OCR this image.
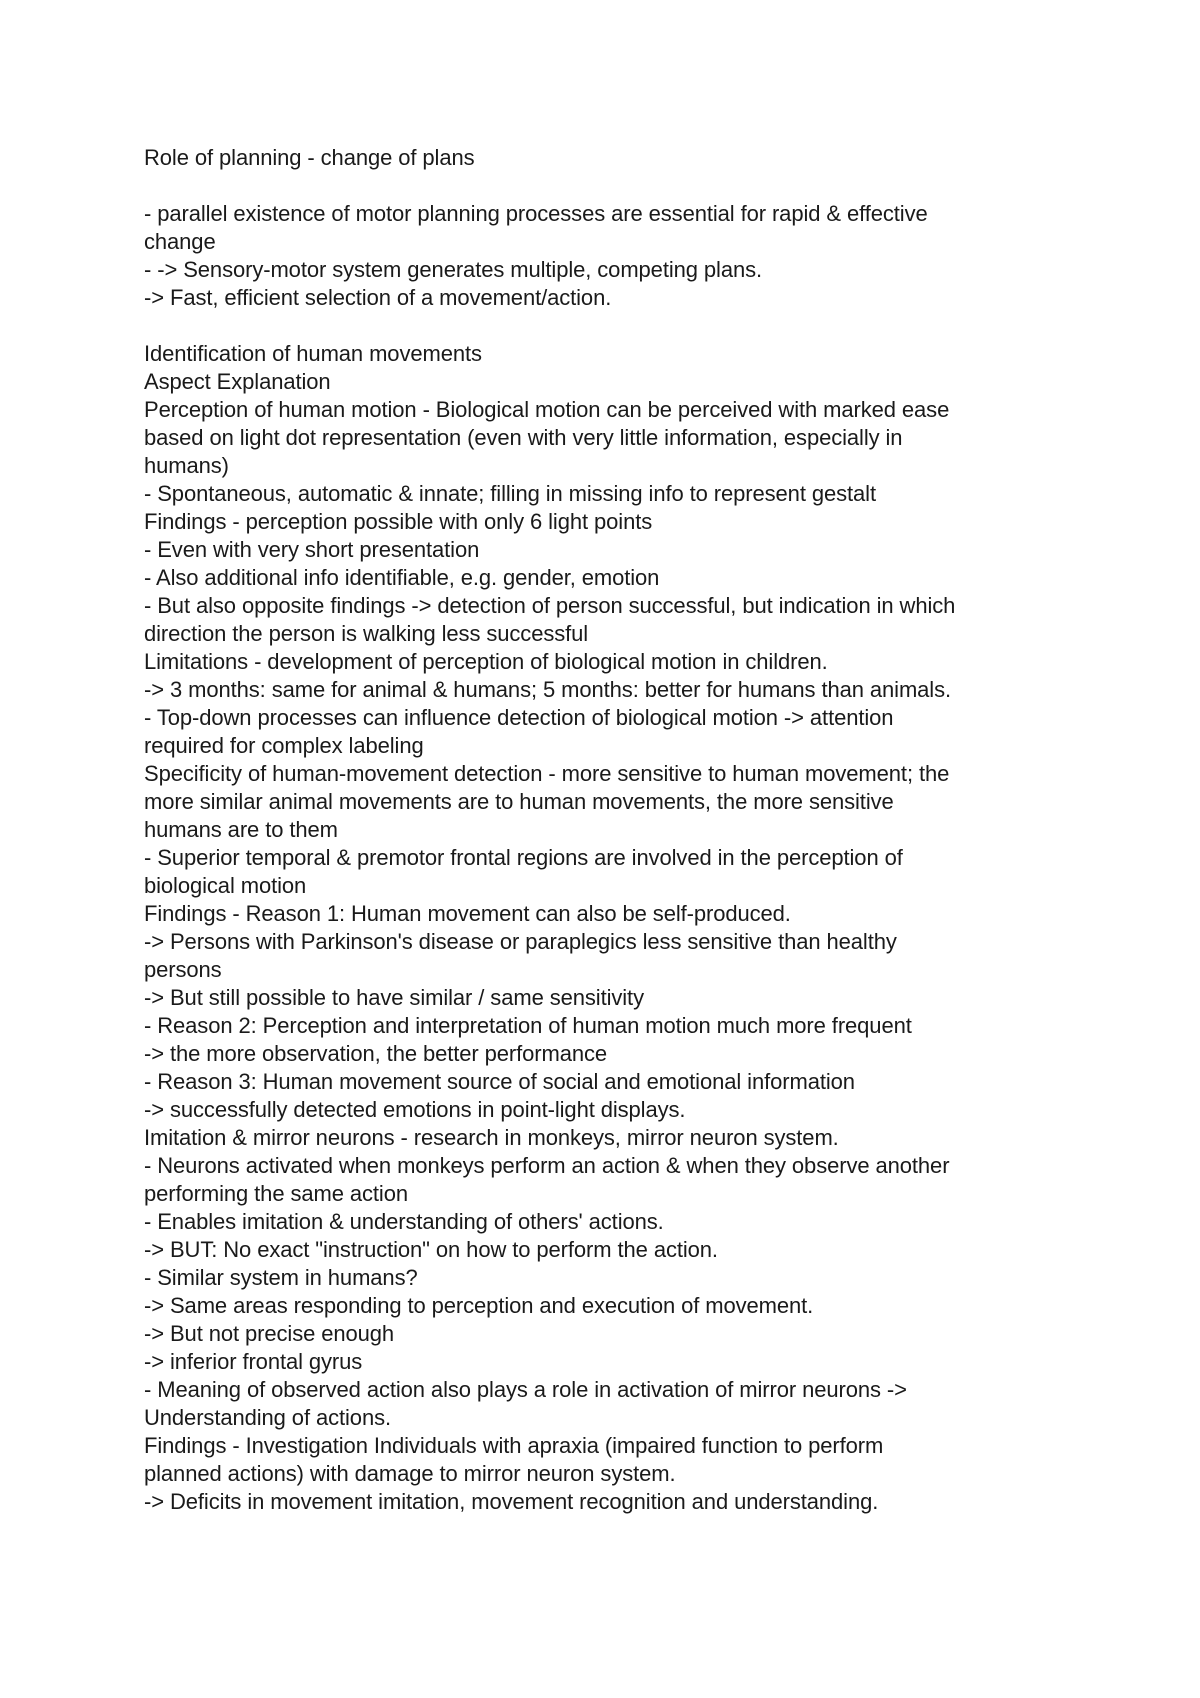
Role of planning - change of plans
- parallel existence of motor planning processes are essential for rapid & effective
change
- -> Sensory-motor system generates multiple, competing plans.
-> Fast, efficient selection of a movement/action.
Identification of human movements
Aspect Explanation
Perception of human motion - Biological motion can be perceived with marked ease
based on light dot representation (even with very little information, especially in
humans)
- Spontaneous, automatic & innate; filling in missing info to represent gestalt
Findings - perception possible with only 6 light points
- Even with very short presentation
- Also additional info identifiable, e.g. gender, emotion
- But also opposite findings -> detection of person successful, but indication in which
direction the person is walking less successful
Limitations - development of perception of biological motion in children.
-> 3 months: same for animal & humans; 5 months: better for humans than animals.
- Top-down processes can influence detection of biological motion -> attention
required for complex labeling
Specificity of human-movement detection - more sensitive to human movement; the
more similar animal movements are to human movements, the more sensitive
humans are to them
- Superior temporal & premotor frontal regions are involved in the perception of
biological motion
Findings - Reason 1: Human movement can also be self-produced.
-> Persons with Parkinson's disease or paraplegics less sensitive than healthy
persons
-> But still possible to have similar / same sensitivity
- Reason 2: Perception and interpretation of human motion much more frequent
-> the more observation, the better performance
- Reason 3: Human movement source of social and emotional information
-> successfully detected emotions in point-light displays.
Imitation & mirror neurons - research in monkeys, mirror neuron system.
- Neurons activated when monkeys perform an action & when they observe another
performing the same action
- Enables imitation & understanding of others' actions.
-> BUT: No exact "instruction" on how to perform the action.
- Similar system in humans?
-> Same areas responding to perception and execution of movement.
-> But not precise enough
-> inferior frontal gyrus
- Meaning of observed action also plays a role in activation of mirror neurons ->
Understanding of actions.
Findings - Investigation Individuals with apraxia (impaired function to perform
planned actions) with damage to mirror neuron system.
-> Deficits in movement imitation, movement recognition and understanding.
